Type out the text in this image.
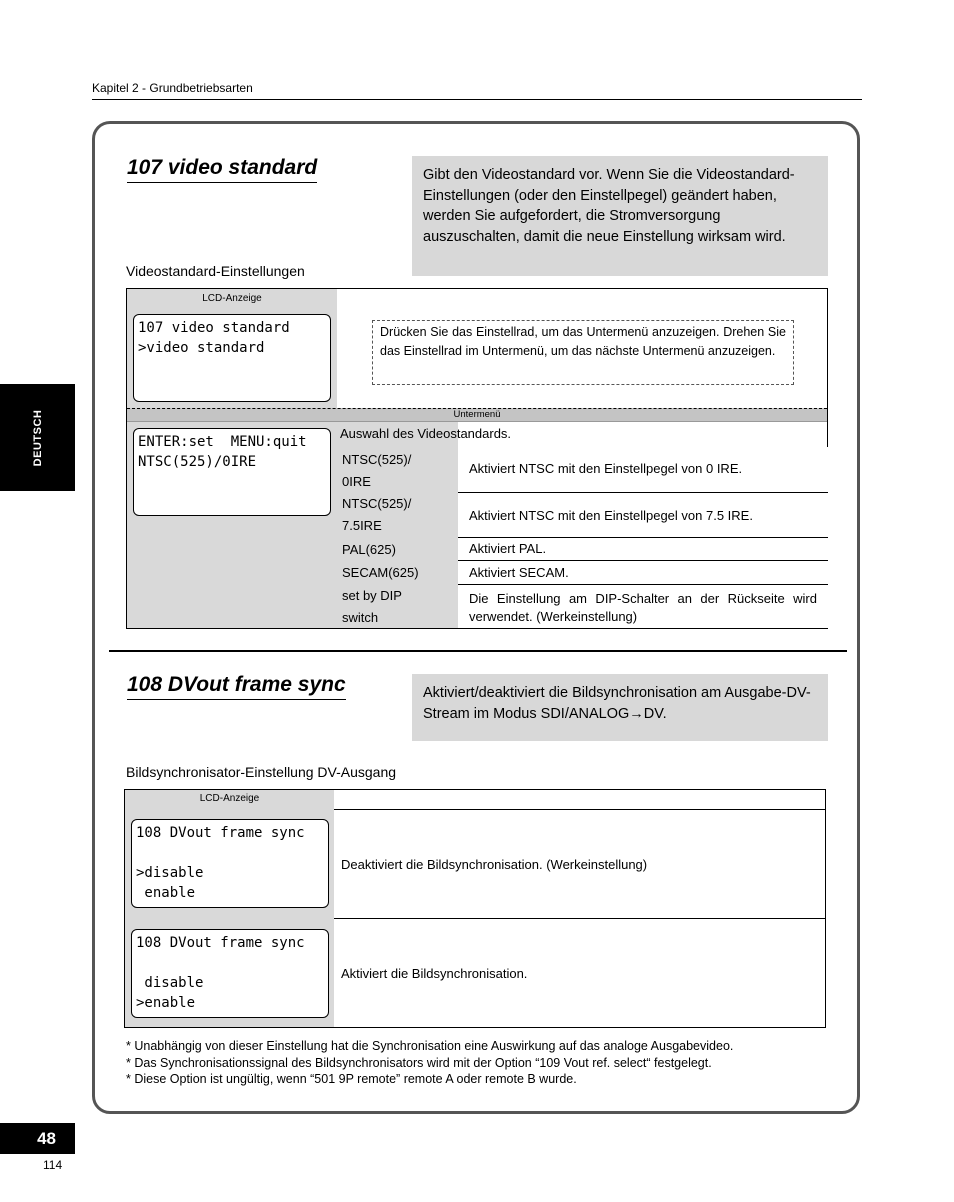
Kapitel 2 - Grundbetriebsarten
DEUTSCH
107 video standard	Gibt den Videostandard vor. Wenn Sie die Videostandard-Einstellungen (oder den Einstellpegel) geändert haben, werden Sie aufgefordert, die Stromversorgung auszuschalten, damit die neue Einstellung wirksam wird.
Videostandard-Einstellungen
LCD-Anzeige
107 video standard
>video standard
Drücken Sie das Einstellrad, um das Untermenü anzuzeigen. Drehen Sie das Einstellrad im Untermenü, um das nächste Untermenü anzuzeigen.
Untermenü
ENTER:set  MENU:quit
NTSC(525)/0IRE
Auswahl des Videostandards.
NTSC(525)/
0IRE
NTSC(525)/
7.5IRE
PAL(625)
SECAM(625)
set by DIP
switch
Aktiviert NTSC mit den Einstellpegel von 0 IRE.
Aktiviert NTSC mit den Einstellpegel von 7.5 IRE.
Aktiviert PAL.
Aktiviert SECAM.
Die Einstellung am DIP-Schalter an der Rückseite wird verwendet. (Werkeinstellung)
108 DVout frame sync	Aktiviert/deaktiviert die Bildsynchronisation am Ausgabe-DV-Stream im Modus SDI/ANALOG→DV.
Bildsynchronisator-Einstellung DV-Ausgang
LCD-Anzeige
108 DVout frame sync

>disable
enable
Deaktiviert die Bildsynchronisation. (Werkeinstellung)
108 DVout frame sync

disable
>enable
Aktiviert die Bildsynchronisation.
* Unabhängig von dieser Einstellung hat die Synchronisation eine Auswirkung auf das analoge Ausgabevideo.
* Das Synchronisationssignal des Bildsynchronisators wird mit der Option “109 Vout ref. select“ festgelegt.
* Diese Option ist ungültig, wenn “501 9P remote” remote A oder remote B wurde.
48
114
